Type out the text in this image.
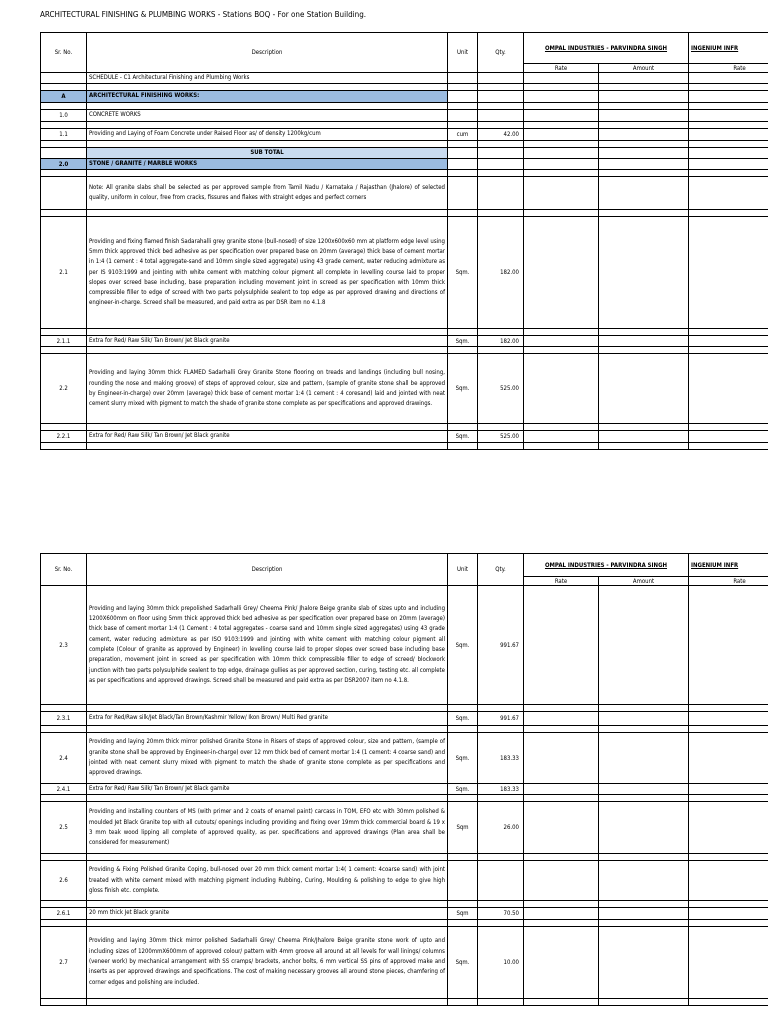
ARCHITECTURAL FINISHING & PLUMBING WORKS - Stations BOQ - For one Station Building.
Sr. No.	Description	Unit	Qty.	OMPAL INDUSTRIES - PARVINDRA SINGH		INGENIUM INFR
				Rate	Amount	Rate
	SCHEDULE - C1 Architectural Finishing and Plumbing Works					

A	ARCHITECTURAL FINISHING WORKS:					

1.0	CONCRETE WORKS					

1.1	Providing and Laying of Foam Concrete under Raised Floor as/ of density 1200kg/cum	cum	42.00			

	SUB TOTAL					
2.0	STONE / GRANITE / MARBLE WORKS					

	Note: All granite slabs shall be selected as per approved sample from Tamil Nadu / Karnataka / Rajasthan (Jhalore) of selected quality, uniform in colour, free from cracks, fissures and flakes with straight edges and perfect corners					

2.1	Providing and fixing flamed finish Sadarahalli grey granite stone (bull-nosed) of size 1200x600x60 mm at platform edge level using 5mm thick approved thick bed adhesive as per specification over prepared base on 20mm (average) thick base of cement mortar in 1:4 (1 cement : 4 total aggregate-sand and 10mm single sized aggregate) using 43 grade cement, water reducing admixture as per IS 9103:1999 and jointing with white cement with matching colour pigment all complete in levelling course laid to proper slopes over screed base including, base preparation including movement joint in screed as per specification with 10mm thick compressible filler to edge of screed with two parts polysulphide sealent to top edge as per approved drawing and directions of engineer-in-charge. Screed shall be measured, and paid extra as per DSR item no 4.1.8	Sqm.	182.00			

2.1.1	Extra for Red/ Raw Silk/ Tan Brown/ Jet Black granite	Sqm.	182.00			

2.2	Providing and laying 30mm thick FLAMED Sadarhalli Grey Granite Stone flooring on treads and landings (including bull nosing, rounding the nose and making groove) of steps of approved colour, size and pattern, (sample of granite stone shall be approved by Engineer-in-charge) over 20mm (average) thick base of cement mortar 1:4 (1 cement : 4 coresand) laid and jointed with neat cement slurry mixed with pigment to match the shade of granite stone complete as per specifications and approved drawings.	Sqm.	525.00			

2.2.1	Extra for Red/ Raw Silk/ Tan Brown/ Jet Black granite	Sqm.	525.00			

Sr. No.	Description	Unit	Qty.	OMPAL INDUSTRIES - PARVINDRA SINGH		INGENIUM INFR
				Rate	Amount	Rate
2.3	Providing and laying 30mm thick prepolished Sadarhalli Grey/ Cheema Pink/ Jhalore Beige granite slab of sizes upto and including 1200X600mm on floor using 5mm thick approved thick bed adhesive as per specification over prepared base on 20mm (average) thick base of cement mortar 1:4 (1 Cement : 4 total aggregates - coarse sand and 10mm single sized aggregates) using 43 grade cement, water reducing admixture as per ISO 9103:1999 and jointing with white cement with matching colour pigment all complete (Colour of granite as approved by Engineer) in levelling course laid to proper slopes over screed base including base preparation, movement joint in screed as per specification with 10mm thick compressible filler to edge of screed/ blockwork junction with two parts polysulphide sealent to top edge, drainage gullies as per approved section, curing, testing etc. all complete as per specifications and approved drawings. Screed shall be measured and paid extra as per DSR2007 item no 4.1.8.	Sqm.	991.67			

2.3.1	Extra for Red/Raw silk/Jet Black/Tan Brown/Kashmir Yellow/ Ikon Brown/ Multi Red granite	Sqm.	991.67			

2.4	Providing and laying 20mm thick mirror polished Granite Stone in Risers of steps of approved colour, size and pattern, (sample of granite stone shall be approved by Engineer-in-charge) over 12 mm thick bed of cement mortar 1:4 (1 cement: 4 coarse sand) and jointed with neat cement slurry mixed with pigment to match the shade of granite stone complete as per specifications and approved drawings.	Sqm.	183.33			
2.4.1	Extra for Red/ Raw Silk/ Tan Brown/ Jet Black garnite	Sqm.	183.33			

2.5	Providing and installing counters of MS (with primer and 2 coats of enamel paint) carcass in TOM, EFO etc with 30mm polished & moulded Jet Black Granite top with all cutouts/ openings including providing and fixing over 19mm thick commercial board & 19 x 3 mm teak wood lipping all complete of approved quality, as per. specifications and approved drawings (Plan area shall be considered for measurement)	Sqm	26.00			

2.6	Providing & Fixing Polished Granite Coping, bull-nosed over 20 mm thick cement mortar 1:4( 1 cement: 4coarse sand) with joint treated with white cement mixed with matching pigment including Rubbing, Curing, Moulding & polishing to edge to give high gloss finish etc. complete.					

2.6.1	20 mm thick Jet Black granite	Sqm	70.50			

2.7	Providing and laying 30mm thick mirror polished Sadarhalli Grey/ Cheema Pink/Jhalore Beige granite stone work of upto and including sizes of 1200mmX600mm of approved colour/ pattern with 4mm groove all around at all levels for wall linings/ columns (veneer work) by mechanical arrangement with SS cramps/ brackets, anchor bolts, 6 mm vertical SS pins of approved make and inserts as per approved drawings and specifications. The cost of making necessary grooves all around stone pieces, chamfering of corner edges and polishing are included.	Sqm.	10.00			
